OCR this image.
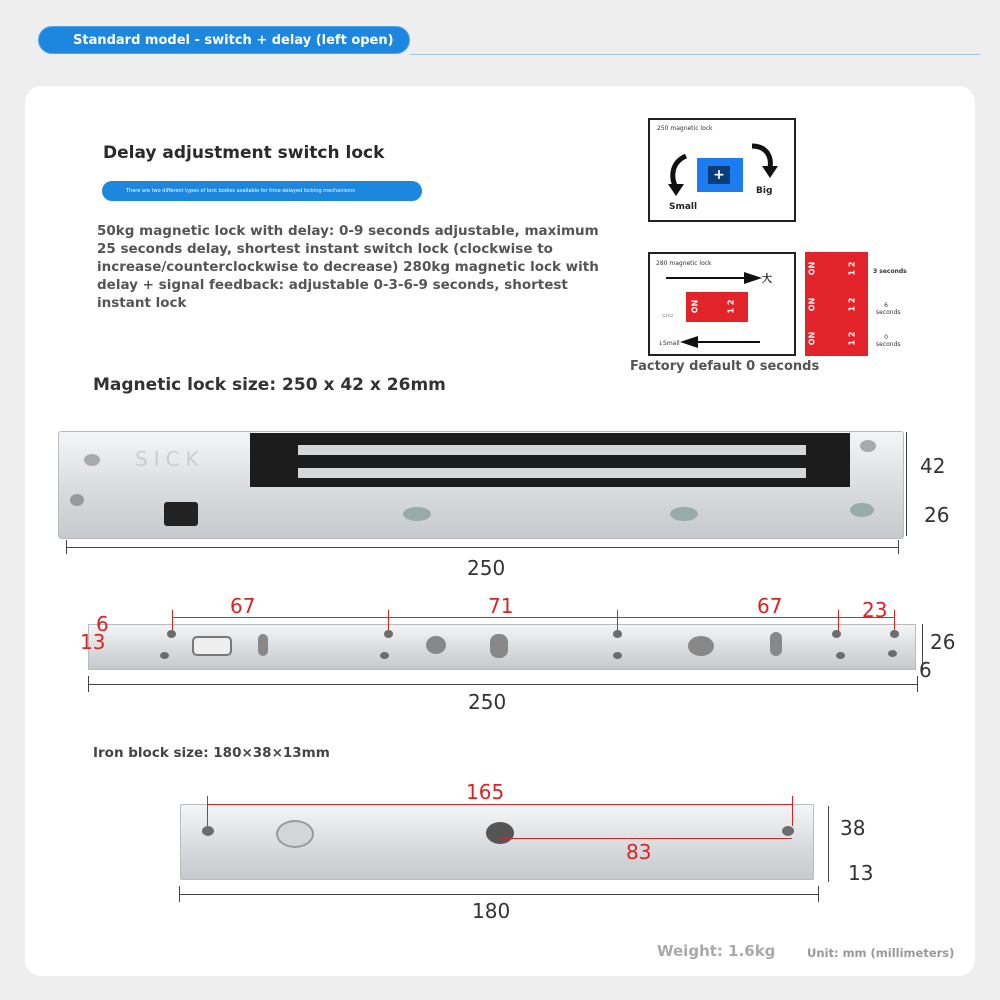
Standard model - switch + delay (left open)
Delay adjustment switch lock
There are two different types of lock bodies available for time-delayed locking mechanisms
50kg magnetic lock with delay: 0-9 seconds adjustable, maximum 25 seconds delay, shortest instant switch lock (clockwise to increase/counterclockwise to decrease) 280kg magnetic lock with delay + signal feedback: adjustable 0-3-6-9 seconds, shortest instant lock
250 magnetic lock
+
Small
Big
280 magnetic lock
大
ON	1 2
▭▭
↓Small
ON	1 2	3 seconds
ON	1 2	6 seconds
ON	1 2	0 seconds
Factory default 0 seconds
Magnetic lock size: 250 x 42 x 26mm
SICK
250
42
26
67	71	67	23
6
13	26
6
250
Iron block size: 180×38×13mm
165
83
38
13
180
Weight: 1.6kg	Unit: mm (millimeters)
